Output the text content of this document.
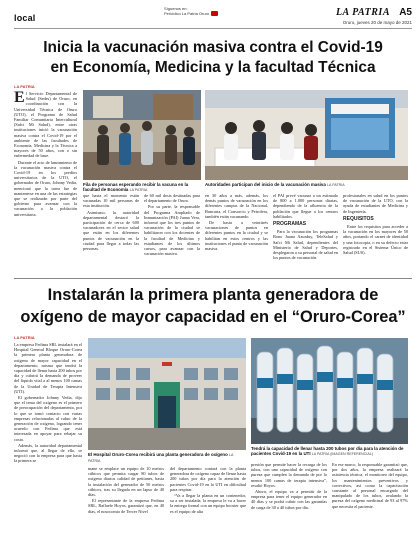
local
Síguenos en:
Periódico La Patria Oruro	LA PATRIA A5
Oruro, jueves 20 de mayo de 2021
Inicia la vacunación masiva contra el Covid-19
en Economía, Medicina y la facultad Técnica
LA PATRIA

El Servicio Departamental de Salud (Sedes) de Oruro, en coordinación con la Universidad Técnica de Oruro (UTO), el Programa de Salud Familiar Comunitaria Intercultural (Safci Mi Salud), entre otras instituciones inició la vacunación masiva contra el Covid-19 por el ambiente de las facultades de Economía, Medicina y la Técnica a mayores de 50 años, con o sin enfermedad de base.

Durante el acto de lanzamiento de la vacunación masiva contra el Covid-19 en los predios universitarios de la UTO, el gobernador de Oruro, Johnny Vedia, mencionó que la tarea fue de mantenerse en una de las estrategias que se realizarán por parte del gobierno para avanzar con la vacunación a la población universitaria.

Fila de personas esperando recibir la vacuna en la facultad de Economía LA PATRIA
Autoridades participan del inicio de la vacunación masiva LA PATRIA

que hasta el momento están vacunadas 10 mil personas de esta institución.

Asimismo, la autoridad departamental destacó la participación de cerca de 600 vacunadores en el sector salud que están en los diferentes puntos de vacunación en la ciudad para llegar a todas las personas.

de 60 mil dosis destinadas para el departamento de Oruro.

Por su parte, la responsable del Programa Ampliado de Inmunización (PAI) Juana Vera, informó que los tres puntos de vacunación de la ciudad se habilitaron con los docentes de la facultad de Medicina y estudiantes de los últimos cursos, para avanzar con la vacunación masiva.

en 30 años a más, además, los demás puntos de vacunación en los diferentes campus de la Nacional, Bancaria, el Consorcio y Petrolera, también están vacunando.

De hasta a veintitrés vacunaciones de puntos en diferentes puntos en la ciudad y se habilitan en estos centros y las instituciones el punto de vacunación masiva.

el PAI prevé vacunar a un estimado de 800 a 1.000 personas diarias, dependiendo de la afluencia de la población que llegue a los centros habilitados.

PROGRAMAS

Para la vacunación los programas Bono Juana Azurduy, TeleSalud y Safci Mi Salud, dependientes del Ministerio de Salud y Deportes, desplegaron a su personal de salud en los puntos de vacunación.

profesionales en salud en los puntos de vacunación de la UTO, con la ayuda de estudiantes de Medicina y de Ingeniería.

REQUISITOS

Entre los requisitos para acceder a la vacunación en los mayores de 50 años, portando el carnet de identidad y una fotocopia, o en su defecto estar registrado en el Sistema Único de Salud (SUS).

Instalarán la primera planta generadora de
oxígeno de mayor capacidad en el “Oruro-Corea”
LA PATRIA

La empresa Fedima SRL instalará en el Hospital General Bloque Oruro-Corea la primera planta generadora de oxígeno de mayor capacidad en el departamento, misma que tendrá la capacidad de llenar hasta 200 tubos por día y cubrirá la demanda de proveer del líquido vital a al menos 100 camas de la Unidad de Terapia Intensiva (UTI).

El gobernador Johnny Vedia, dijo que el tema del oxígeno es el primero de preocupación del departamento, por lo que se tomó contacto con varias empresas relacionadas al rubro de la generación de oxígeno, logrando tener acuerdo con Fedima que está interesada en apoyar para rebajar su costo.

Además, la autoridad departamental informó que, al llegar de ello, se negoció con la empresa para que hasta la primera se

El Hospital Oruro-Corea recibirá una planta generadora de oxígeno LA PATRIA
Tendrá la capacidad de llenar hasta 200 tubos por día para la atención de pacientes Covid-19 en la UTI LA PATRIA (IMAGEN REFERENCIAL)

mane se emplace un equipo de 10 metros cúbicos que permita cargar 80 tubos de oxígeno diarios calidad de petitanes, hasta la instalación del generador de 50 metros cúbicos, tras su llegada en un lapso de 40 días.

El representante de la empresa Fedima SRL, Raffaele Hoyos, garantizó que, en 40 días, el nosocomio de Tercer Nivel

del departamento contará con la planta generadora de oxígeno capaz de llenar hasta 200 tubos por día para la atención de pacientes Covid-19 en la UTI en dificultad para respirar.

“Va a llegar la planta en un contenedor, su a ser instalada, la empresa le va a hacer la entrega formal con un equipo booster que es el equipo de alta

presión que permite hacer la recarga de los tubos, con una capacidad de oxígeno con pureza que cumplen la demanda de por lo menos 100 camas de terapia intensiva”, resaltó Hoyos.

Ahora, el equipo va a permitir de la empresa para tener el equipo generador en 40 días y se podrá cubrir con las garantías de carga de 30 a 40 tubos por día.

En ese marco, la responsable garantizó que, por dos años, la empresa realizará la asistencia técnica, el monitoreo del equipo, los mantenimientos preventivos y correctivos, así como la capacitación constante al personal encargado del manipulado de los tubos, avalando la pureza del oxígeno medicinal de 93 al 97% que necesita el paciente.
